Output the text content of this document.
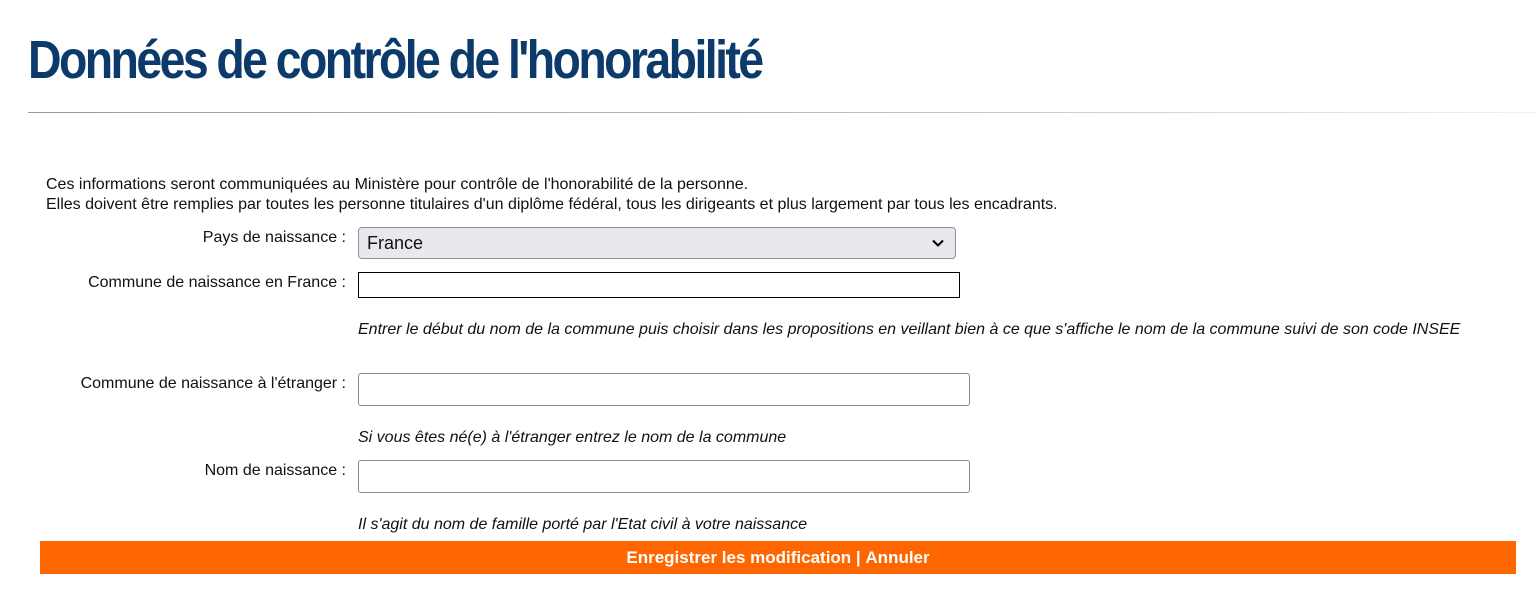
Données de contrôle de l'honorabilité

Ces informations seront communiquées au Ministère pour contrôle de l'honorabilité de la personne.

Elles doivent être remplies par toutes les personne titulaires d'un diplôme fédéral, tous les dirigeants et plus largement par tous les encadrants.

Pays de naissance : France
Commune de naissance en France :
Entrer le début du nom de la commune puis choisir dans les propositions en veillant bien à ce que s'affiche le nom de la commune suivi de son code INSEE
Commune de naissance à l'étranger :
Si vous êtes né(e) à l'étranger entrez le nom de la commune
Nom de naissance :
Il s'agit du nom de famille porté par l'Etat civil à votre naissance
Enregistrer les modification | Annuler
